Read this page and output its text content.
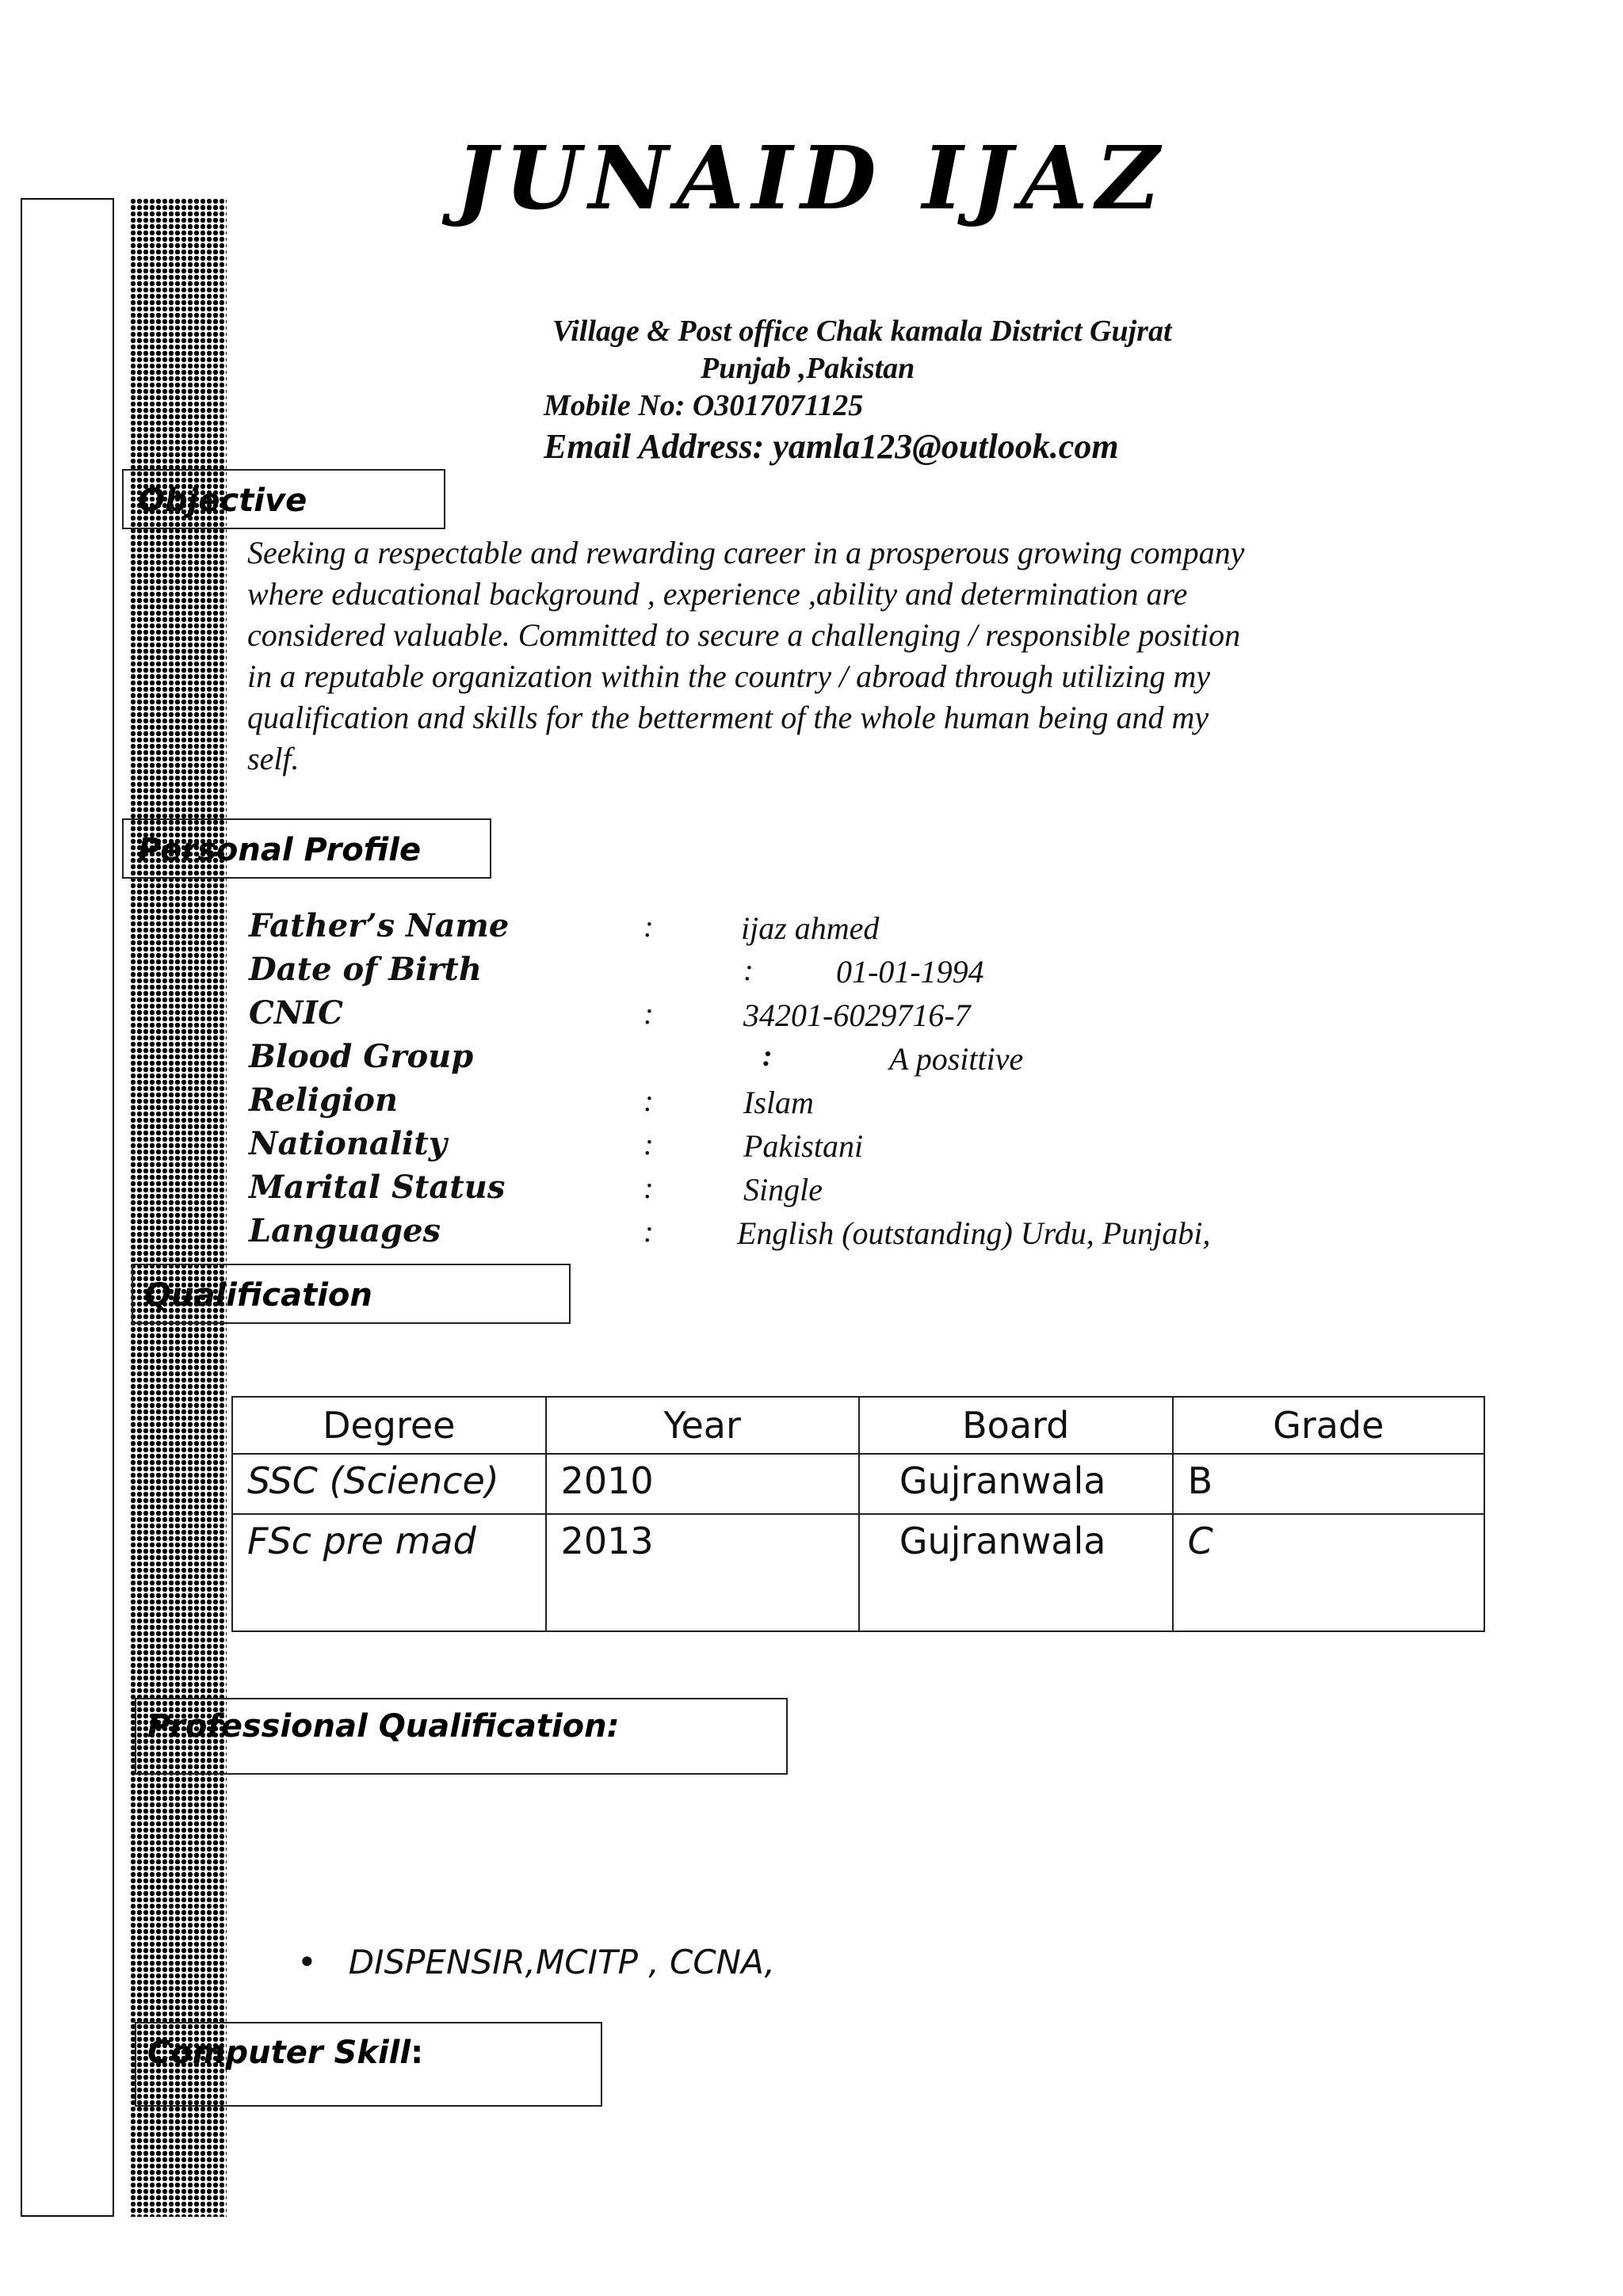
JUNAID IJAZ
Village & Post office Chak kamala District Gujrat
Punjab ,Pakistan
Mobile No: O3017071125
Email Address: yamla123@outlook.com
Objective
Seeking a respectable and rewarding career in a prosperous growing company
where educational background , experience ,ability and determination are
considered valuable. Committed to secure a challenging / responsible position
in a reputable organization within the country / abroad through utilizing my
qualification and skills for the betterment of the whole human being and my
self.
Personal Profile
Father’s Name	:	ijaz ahmed
Date of Birth	:	01-01-1994
CNIC	:	34201-6029716-7
Blood Group	:	A posittive
Religion	:	Islam
Nationality	:	Pakistani
Marital Status	:	Single
Languages	:	English (outstanding) Urdu, Punjabi,
Qualification
Degree	Year	Board	Grade
SSC (Science)	2010	Gujranwala	B
FSc pre mad	2013	Gujranwala	C
Professional Qualification:
• DISPENSIR,MCITP , CCNA,
Computer Skill:
